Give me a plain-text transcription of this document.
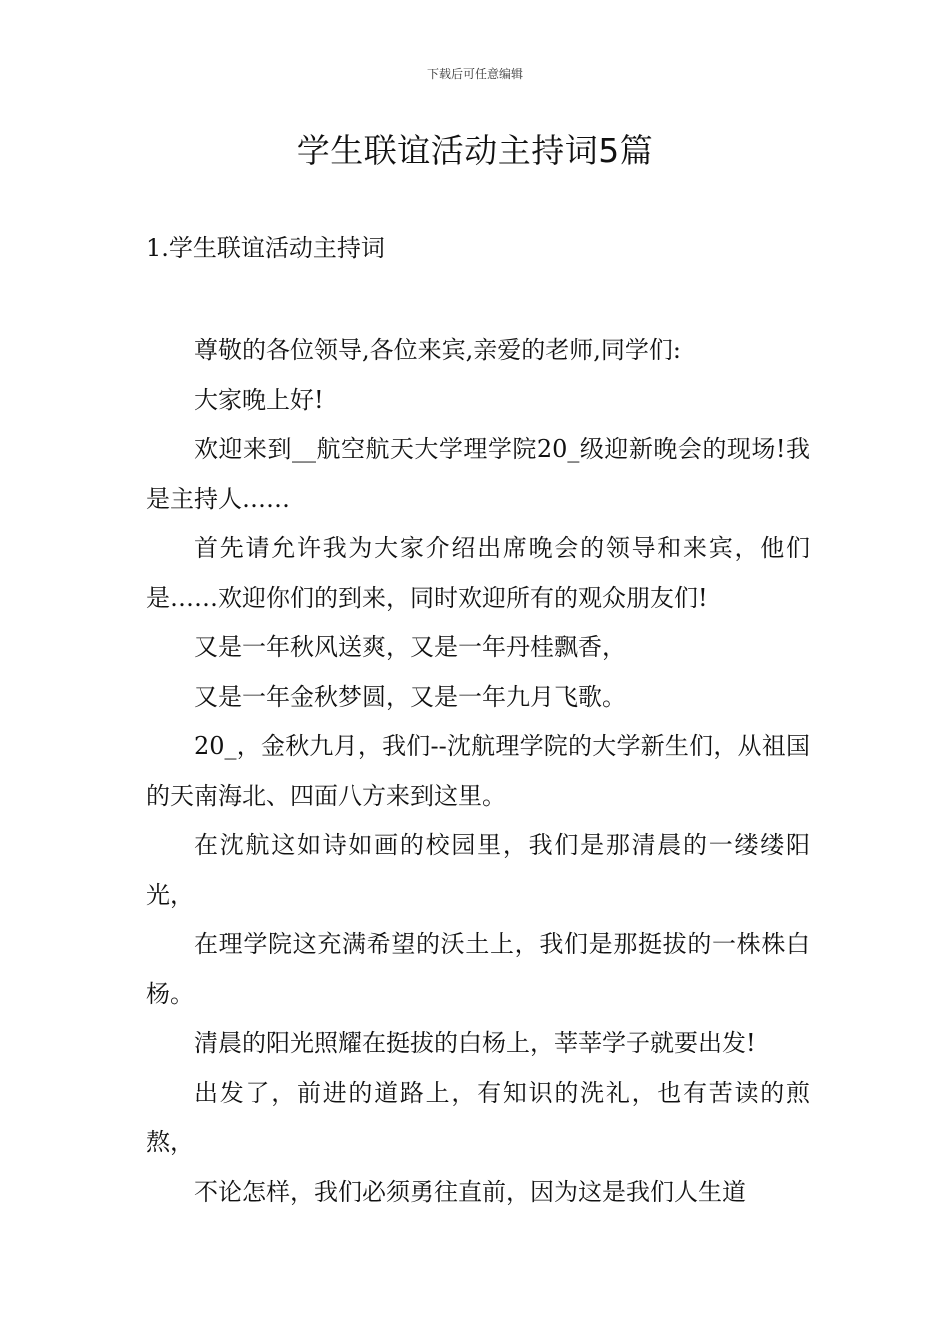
下载后可任意编辑
学生联谊活动主持词5篇
1.学生联谊活动主持词

尊敬的各位领导,各位来宾,亲爱的老师,同学们:

大家晚上好!

欢迎来到__航空航天大学理学院20_级迎新晚会的现场!我是主持人……

首先请允许我为大家介绍出席晚会的领导和来宾，他们是……欢迎你们的到来，同时欢迎所有的观众朋友们!

又是一年秋风送爽，又是一年丹桂飘香，

又是一年金秋梦圆，又是一年九月飞歌。

20_，金秋九月，我们--沈航理学院的大学新生们，从祖国的天南海北、四面八方来到这里。

在沈航这如诗如画的校园里，我们是那清晨的一缕缕阳光，

在理学院这充满希望的沃土上，我们是那挺拔的一株株白杨。

清晨的阳光照耀在挺拔的白杨上，莘莘学子就要出发!

出发了，前进的道路上，有知识的洗礼，也有苦读的煎熬，

不论怎样，我们必须勇往直前，因为这是我们人生道
